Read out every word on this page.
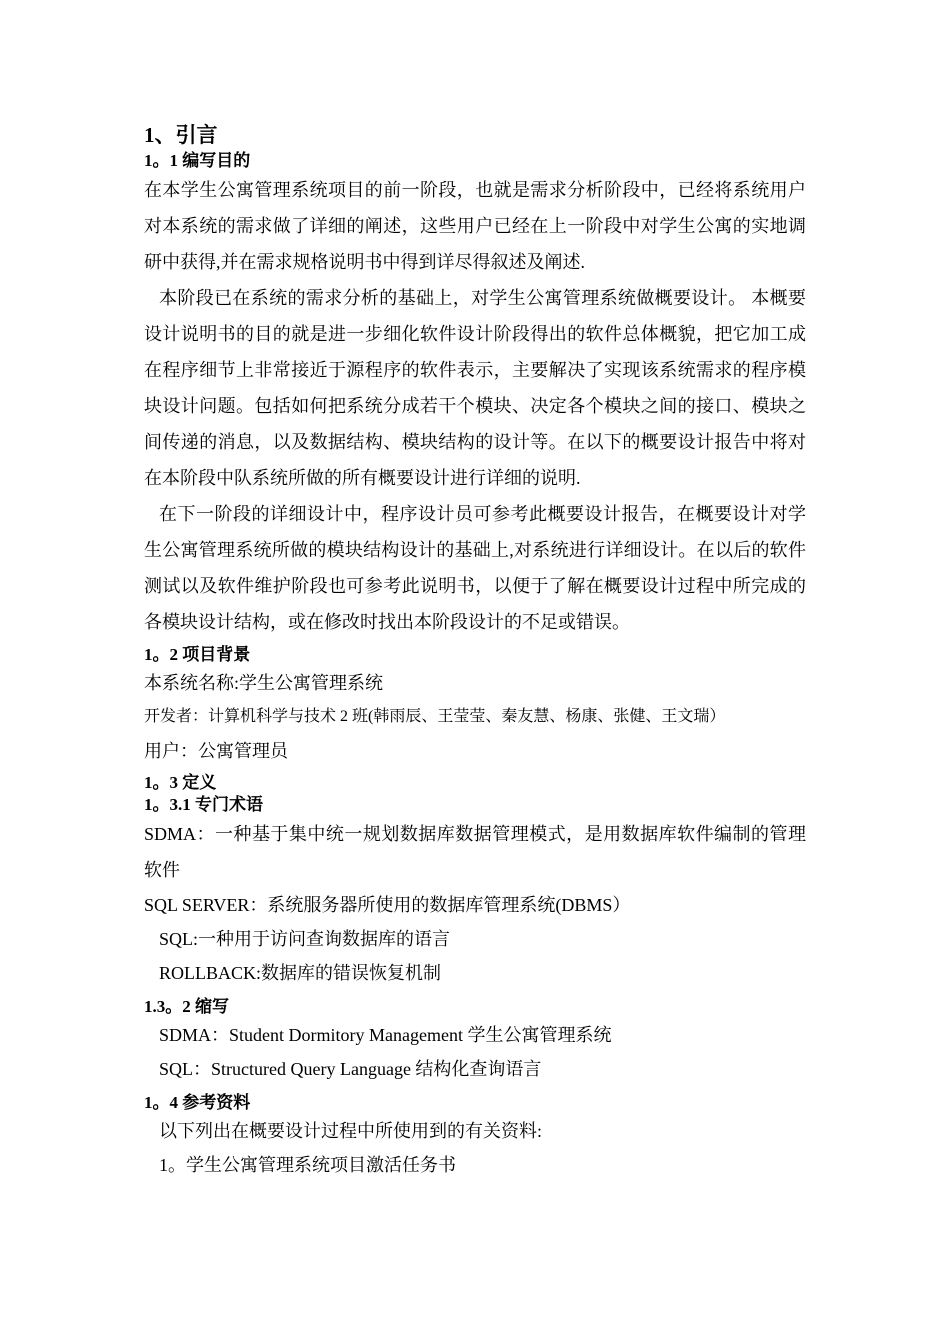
1、引言
1。1 编写目的

在本学生公寓管理系统项目的前一阶段，也就是需求分析阶段中，已经将系统用户对本系统的需求做了详细的阐述，这些用户已经在上一阶段中对学生公寓的实地调研中获得,并在需求规格说明书中得到详尽得叙述及阐述.

本阶段已在系统的需求分析的基础上，对学生公寓管理系统做概要设计。 本概要设计说明书的目的就是进一步细化软件设计阶段得出的软件总体概貌，把它加工成在程序细节上非常接近于源程序的软件表示，主要解决了实现该系统需求的程序模块设计问题。包括如何把系统分成若干个模块、决定各个模块之间的接口、模块之间传递的消息，以及数据结构、模块结构的设计等。在以下的概要设计报告中将对在本阶段中队系统所做的所有概要设计进行详细的说明.

在下一阶段的详细设计中，程序设计员可参考此概要设计报告，在概要设计对学生公寓管理系统所做的模块结构设计的基础上,对系统进行详细设计。在以后的软件测试以及软件维护阶段也可参考此说明书，以便于了解在概要设计过程中所完成的各模块设计结构，或在修改时找出本阶段设计的不足或错误。

1。2 项目背景
本系统名称:学生公寓管理系统
开发者：计算机科学与技术 2 班(韩雨辰、王莹莹、秦友慧、杨康、张健、王文瑞）
用户：公寓管理员
1。3 定义
1。3.1 专门术语

SDMA：一种基于集中统一规划数据库数据管理模式，是用数据库软件编制的管理软件

SQL SERVER：系统服务器所使用的数据库管理系统(DBMS）
SQL:一种用于访问查询数据库的语言
ROLLBACK:数据库的错误恢复机制
1.3。2 缩写
SDMA：Student Dormitory Management 学生公寓管理系统
SQL：Structured Query Language 结构化查询语言
1。4 参考资料
以下列出在概要设计过程中所使用到的有关资料:
1。学生公寓管理系统项目激活任务书
